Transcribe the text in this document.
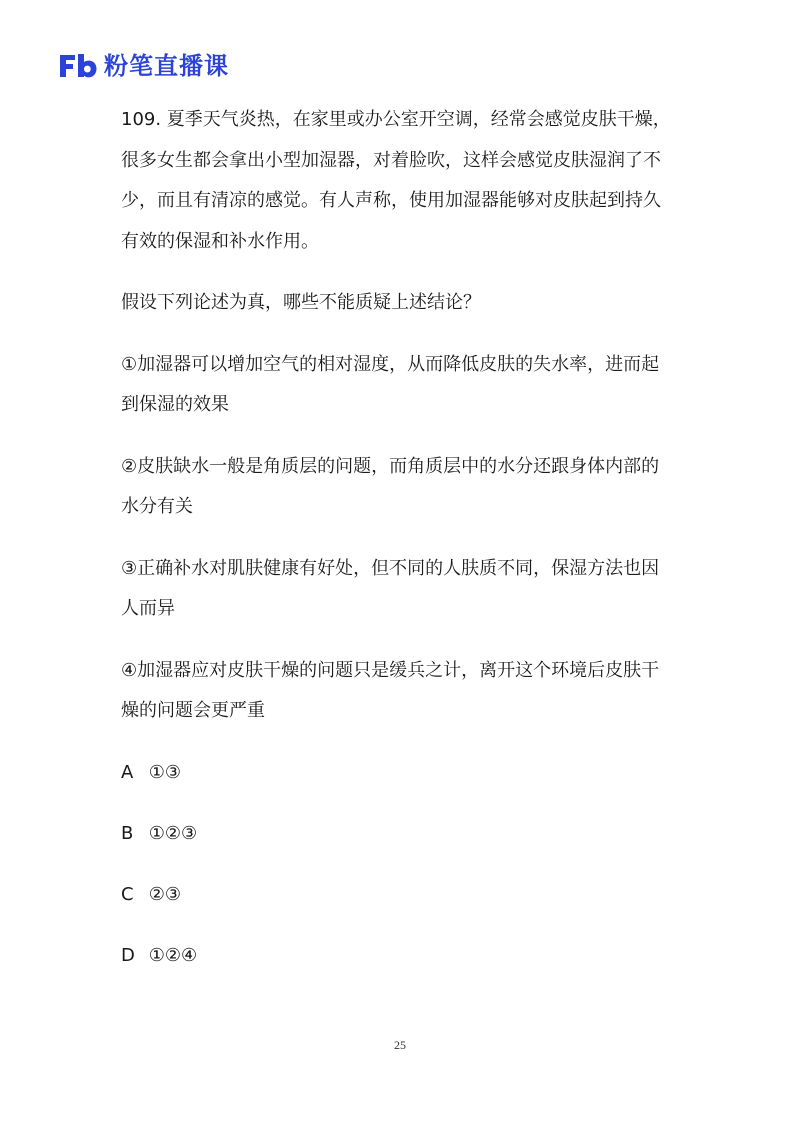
粉笔直播课

109. 夏季天气炎热，在家里或办公室开空调，经常会感觉皮肤干燥，很多女生都会拿出小型加湿器，对着脸吹，这样会感觉皮肤湿润了不少，而且有清凉的感觉。有人声称，使用加湿器能够对皮肤起到持久有效的保湿和补水作用。

假设下列论述为真，哪些不能质疑上述结论？

①加湿器可以增加空气的相对湿度，从而降低皮肤的失水率，进而起到保湿的效果

②皮肤缺水一般是角质层的问题，而角质层中的水分还跟身体内部的水分有关

③正确补水对肌肤健康有好处，但不同的人肤质不同，保湿方法也因人而异

④加湿器应对皮肤干燥的问题只是缓兵之计，离开这个环境后皮肤干燥的问题会更严重

A ①③
B ①②③
C ②③
D ①②④
25
